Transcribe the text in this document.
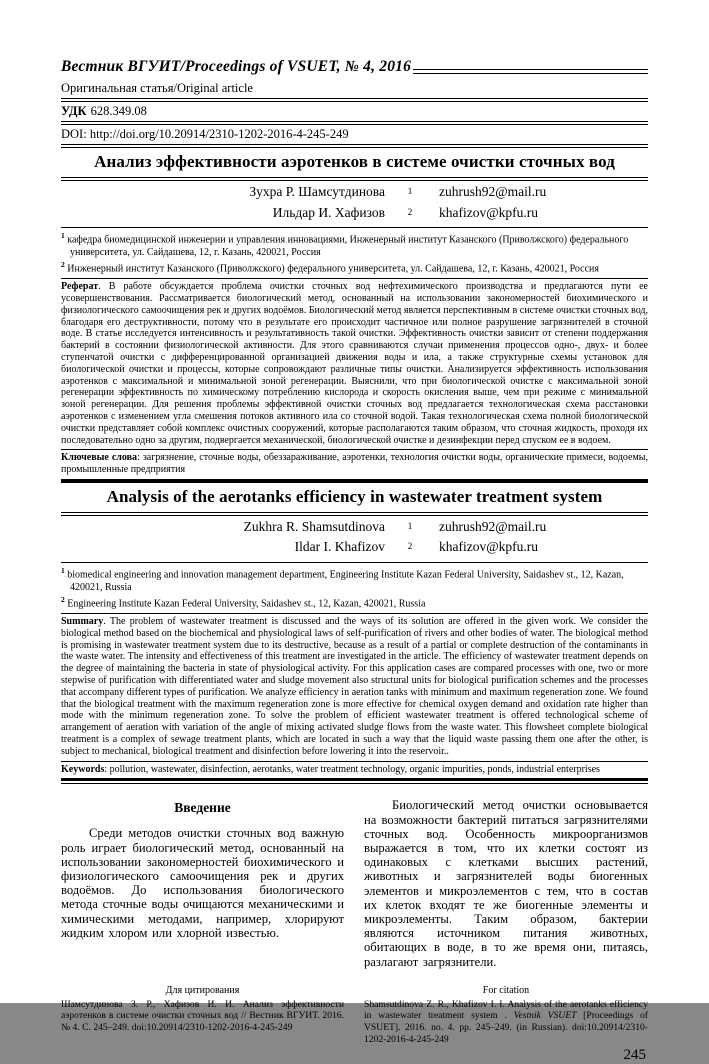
Вестник ВГУИТ/Proceedings of VSUET, № 4, 2016
Оригинальная статья/Original article
УДК 628.349.08
DOI: http://doi.org/10.20914/2310-1202-2016-4-245-249
Анализ эффективности аэротенков в системе очистки сточных вод
Зухра Р. Шамсутдинова	$^1$	zuhrush92@mail.ru
Ильдар И. Хафизов	$^2$	khafizov@kpfu.ru
$^1$ кафедра биомедицинской инженерии и управления инновациями, Инженерный институт Казанского (Приволжского) федерального университета, ул. Сайдашева, 12, г. Казань, 420021, Россия
$^2$ Инженерный институт Казанского (Приволжского) федерального университета, ул. Сайдашева, 12, г. Казань, 420021, Россия
Реферат. В работе обсуждается проблема очистки сточных вод нефтехимического производства и предлагаются пути ее усовершенствования. Рассматривается биологический метод, основанный на использовании закономерностей биохимического и физиологического самоочищения рек и других водоёмов. Биологический метод является перспективным в системе очистки сточных вод, благодаря его деструктивности, потому что в результате его происходит частичное или полное разрушение загрязнителей в сточной воде. В статье исследуется интенсивность и результативность такой очистки. Эффективность очистки зависит от степени поддержания бактерий в состоянии физиологической активности. Для этого сравниваются случаи применения процессов одно-, двух- и более ступенчатой очистки с дифференцированной организацией движения воды и ила, а также структурные схемы установок для биологической очистки и процессы, которые сопровождают различные типы очистки. Анализируется эффективность использования аэротенков с максимальной и минимальной зоной регенерации. Выяснили, что при биологической очистке с максимальной зоной регенерации эффективность по химическому потреблению кислорода и скорость окисления выше, чем при режиме с минимальной зоной регенерации. Для решения проблемы эффективной очистки сточных вод предлагается технологическая схема расстановки аэротенков с изменением угла смешения потоков активного ила со сточной водой. Такая технологическая схема полной биологической очистки представляет собой комплекс очистных сооружений, которые располагаются таким образом, что сточная жидкость, проходя их последовательно одно за другим, подвергается механической, биологической очистке и дезинфекции перед спуском ее в водоем.
Ключевые слова: загрязнение, сточные воды, обеззараживание, аэротенки, технология очистки воды, органические примеси, водоемы, промышленные предприятия
Analysis of the aerotanks efficiency in wastewater treatment system
Zukhra R. Shamsutdinova	$^1$	zuhrush92@mail.ru
Ildar I. Khafizov	$^2$	khafizov@kpfu.ru
$^1$ biomedical engineering and innovation management department, Engineering Institute Kazan Federal University, Saidashev st., 12, Kazan, 420021, Russia
$^2$ Engineering Institute Kazan Federal University, Saidashev st., 12, Kazan, 420021, Russia
Summary. The problem of wastewater treatment is discussed and the ways of its solution are offered in the given work. We consider the biological method based on the biochemical and physiological laws of self-purification of rivers and other bodies of water. The biological method is promising in wastewater treatment system due to its destructive, because as a result of a partial or complete destruction of the contaminants in the waste water. The intensity and effectiveness of this treatment are investigated in the article. The efficiency of wastewater treatment depends on the degree of maintaining the bacteria in state of physiological activity. For this application cases are compared processes with one, two or more stepwise of purification with differentiated water and sludge movement also structural units for biological purification schemes and the processes that accompany different types of purification. We analyze efficiency in aeration tanks with minimum and maximum regeneration zone. We found that the biological treatment with the maximum regeneration zone is more effective for chemical oxygen demand and oxidation rate higher than mode with the minimum regeneration zone. To solve the problem of efficient wastewater treatment is offered technological scheme of arrangement of aeration with variation of the angle of mixing activated sludge flows from the waste water. This flowsheet complete biological treatment is a complex of sewage treatment plants, which are located in such a way that the liquid waste passing them one after the other, is subject to mechanical, biological treatment and disinfection before lowering it into the reservoir..
Keywords: pollution, wastewater, disinfection, aerotanks, water treatment technology, organic impurities, ponds, industrial enterprises
Введение
Среди методов очистки сточных вод важную роль играет биологический метод, основанный на использовании закономерностей биохимического и физиологического самоочищения рек и других водоёмов. До использования биологического метода сточные воды очищаются механическими и химическими методами, например, хлорируют жидким хлором или хлорной известью.
Биологический метод очистки основывается на возможности бактерий питаться загрязнителями сточных вод. Особенность микроорганизмов выражается в том, что их клетки состоят из одинаковых с клетками высших растений, животных и загрязнителей воды биогенных элементов и микроэлементов с тем, что в состав их клеток входят те же биогенные элементы и микроэлементы. Таким образом, бактерии являются источником питания животных, обитающих в воде, в то же время они, питаясь, разлагают загрязнители.
Для цитирования
Шамсутдинова З. Р., Хафизов И. И. Анализ эффективности аэротенков в системе очистки сточных вод // Вестник ВГУИТ. 2016. № 4. С. 245–249. doi:10.20914/2310-1202-2016-4-245-249
For citation
Shamsutdinova Z. R., Khafizov I. I. Analysis of the aerotanks efficiency in wastewater treatment system . Vestnik VSUET [Proceedings of VSUET]. 2016. no. 4. pp. 245–249. (in Russian). doi:10.20914/2310-1202-2016-4-245-249
245
